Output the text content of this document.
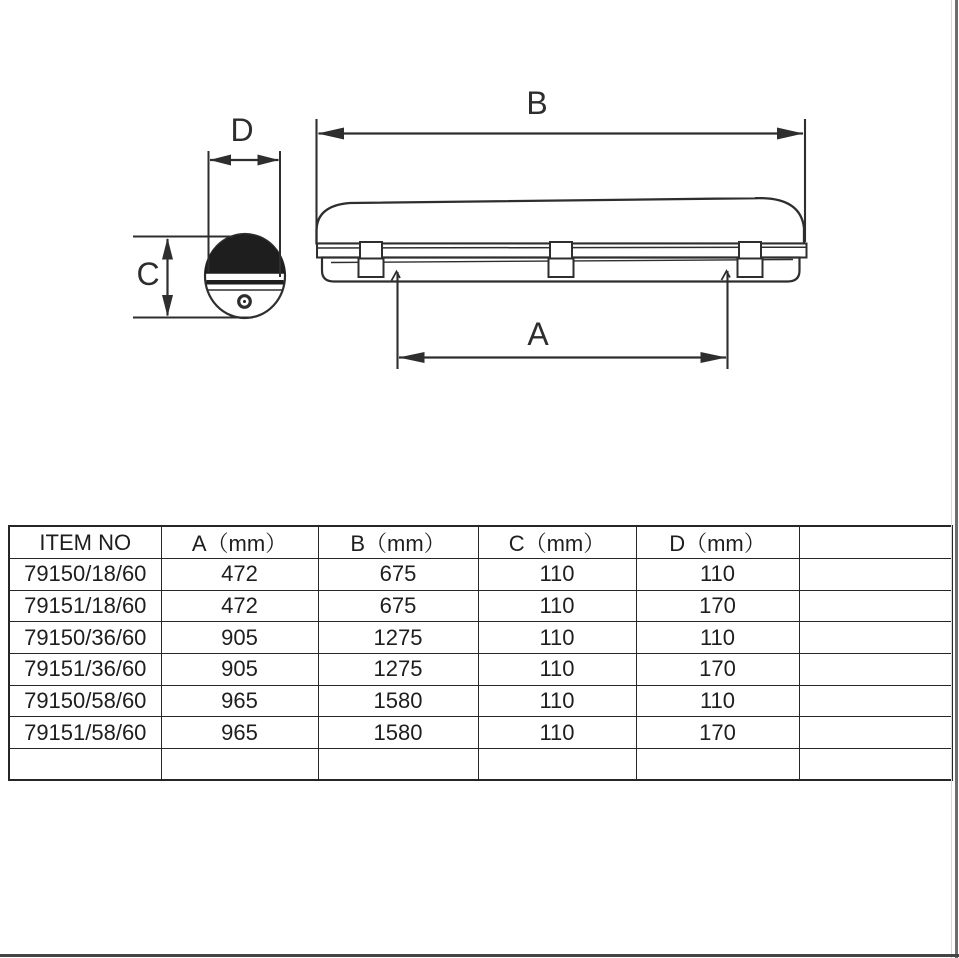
D
C
B
A
ITEM NO	A（mm）	B（mm）	C（mm）	D（mm）	
79150/18/60	472	675	110	110	
79151/18/60	472	675	110	170	
79150/36/60	905	1275	110	110	
79151/36/60	905	1275	110	170	
79150/58/60	965	1580	110	110	
79151/58/60	965	1580	110	170	
